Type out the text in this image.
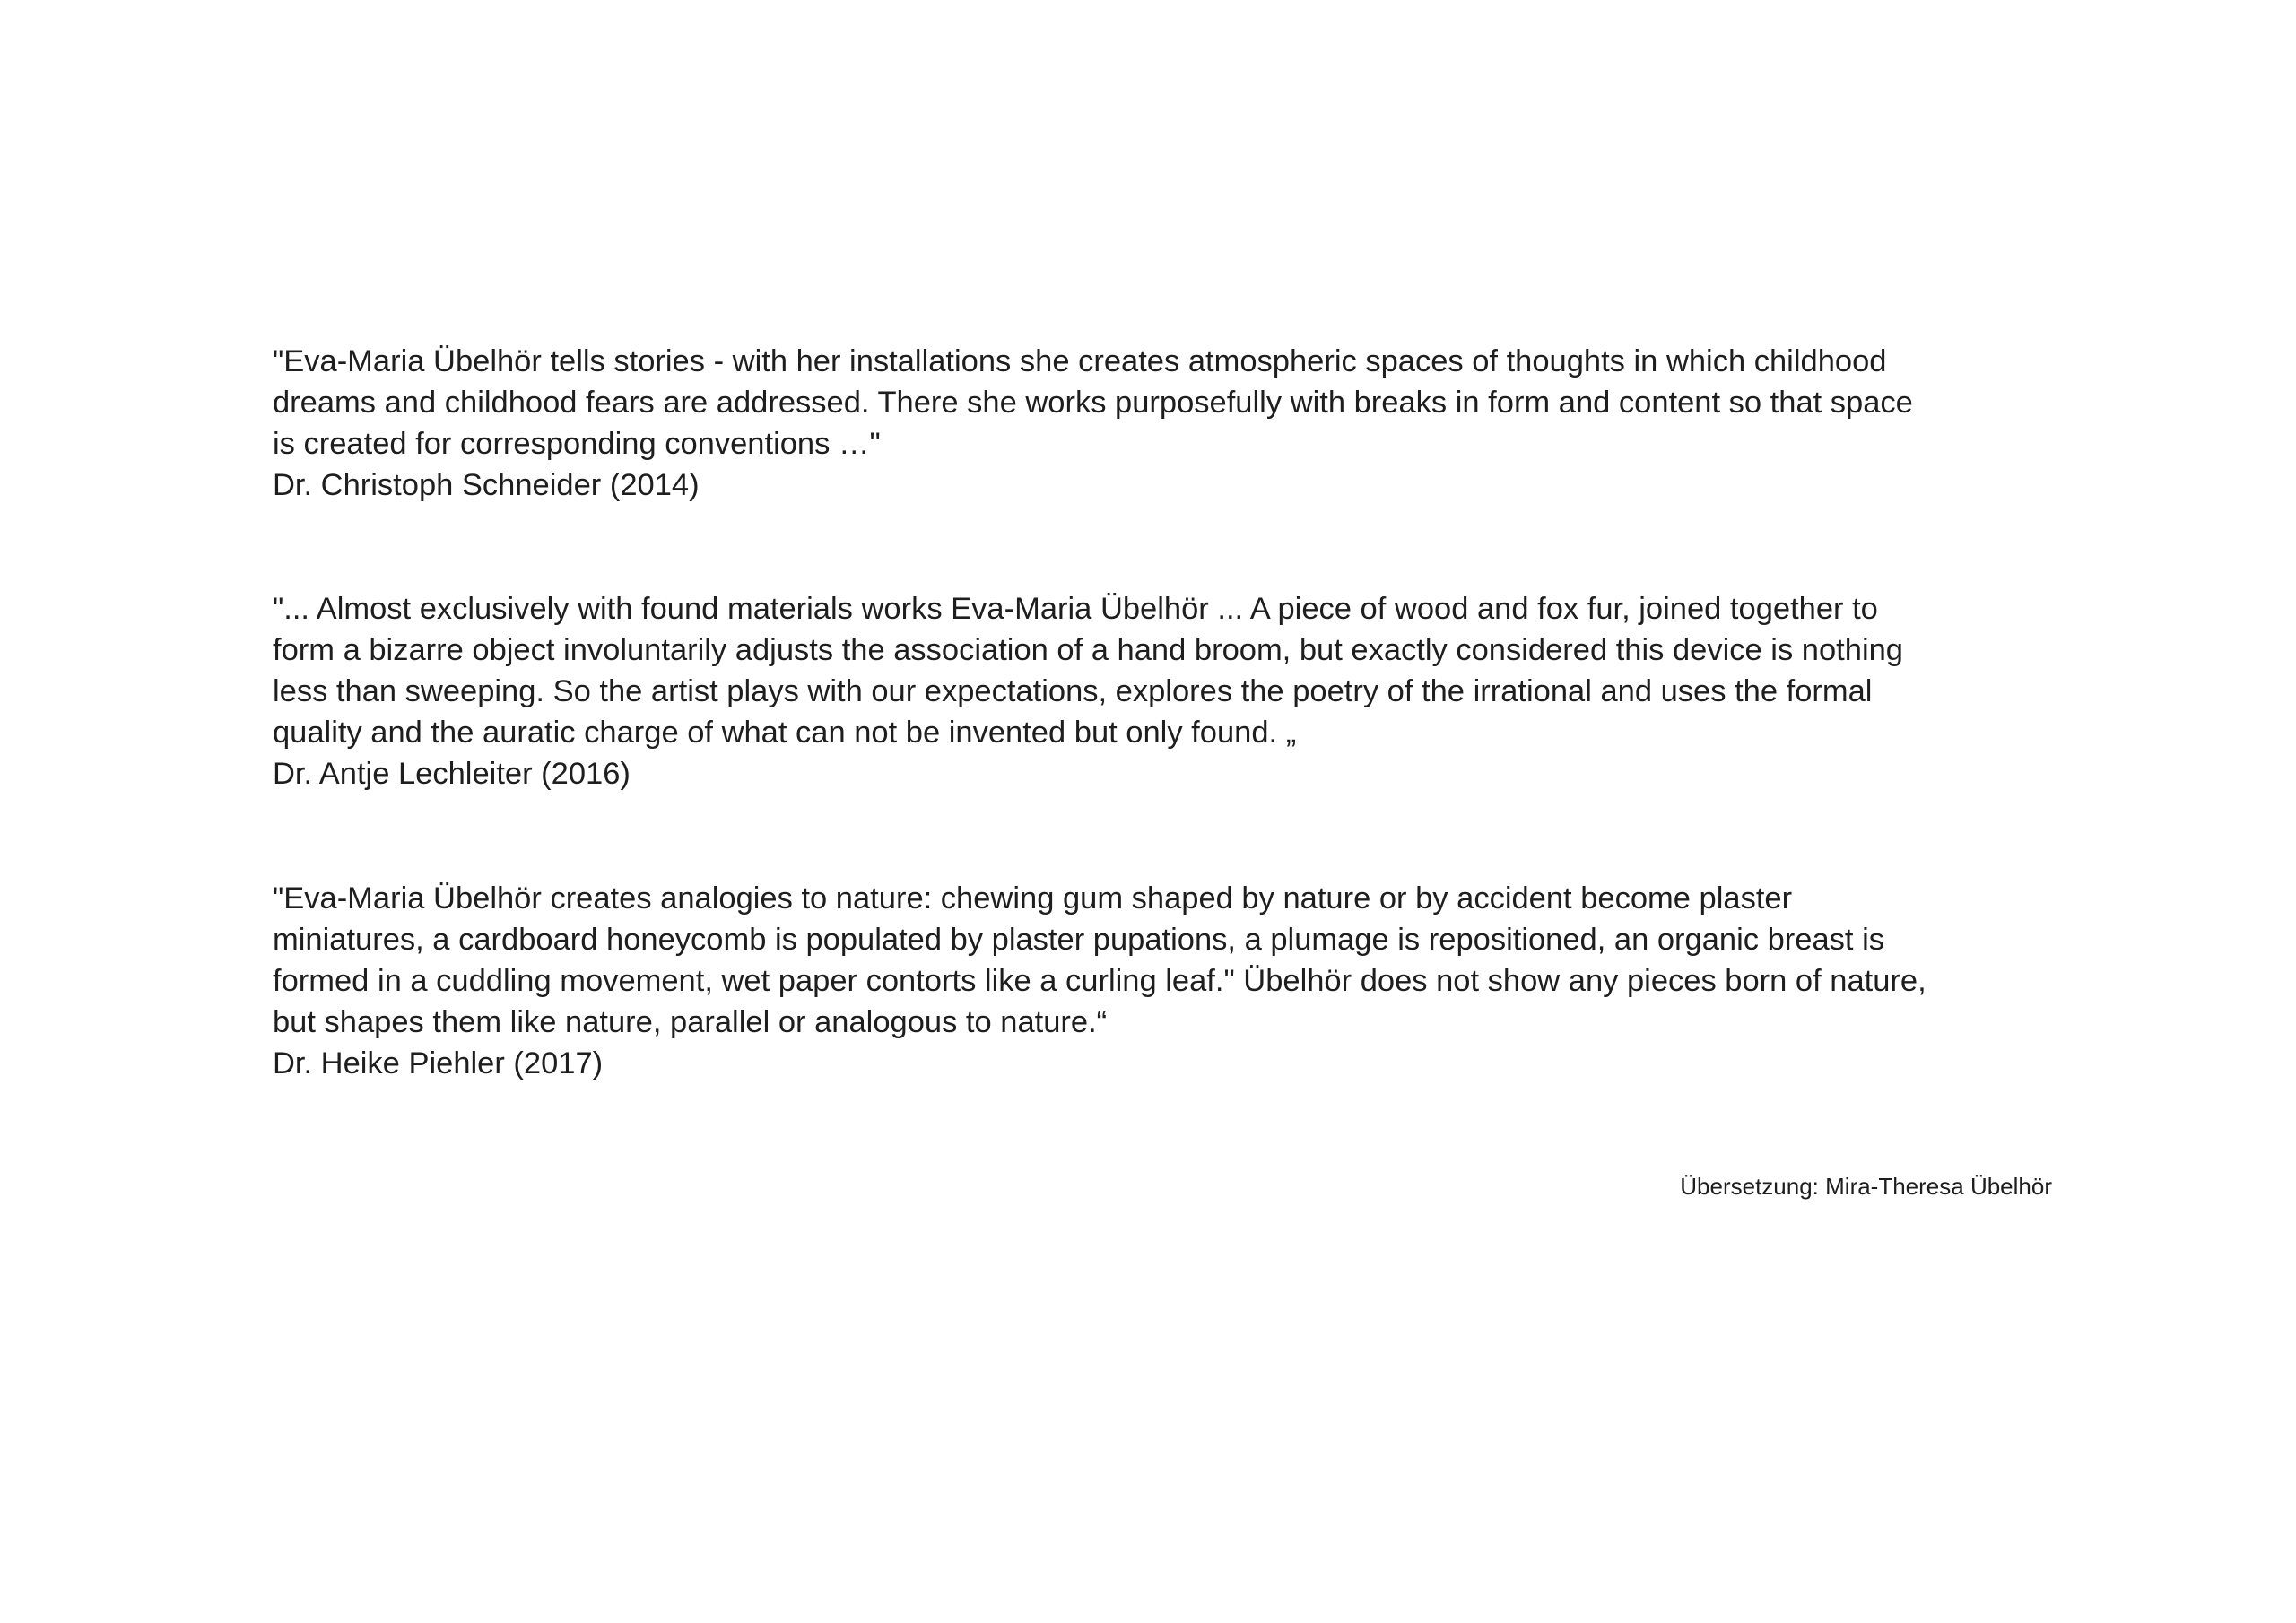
"Eva-Maria Übelhör tells stories - with her installations she creates atmospheric spaces of thoughts in which childhood
dreams and childhood fears are addressed. There she works purposefully with breaks in form and content so that space
is created for corresponding conventions …"
Dr. Christoph Schneider (2014)

"... Almost exclusively with found materials works Eva-Maria Übelhör ... A piece of wood and fox fur, joined together to
form a bizarre object involuntarily adjusts the association of a hand broom, but exactly considered this device is nothing
less than sweeping. So the artist plays with our expectations, explores the poetry of the irrational and uses the formal
quality and the auratic charge of what can not be invented but only found. „
Dr. Antje Lechleiter (2016)

"Eva-Maria Übelhör creates analogies to nature: chewing gum shaped by nature or by accident become plaster
miniatures, a cardboard honeycomb is populated by plaster pupations, a plumage is repositioned, an organic breast is
formed in a cuddling movement, wet paper contorts like a curling leaf." Übelhör does not show any pieces born of nature,
but shapes them like nature, parallel or analogous to nature.“
Dr. Heike Piehler (2017)

Übersetzung: Mira-Theresa Übelhör
